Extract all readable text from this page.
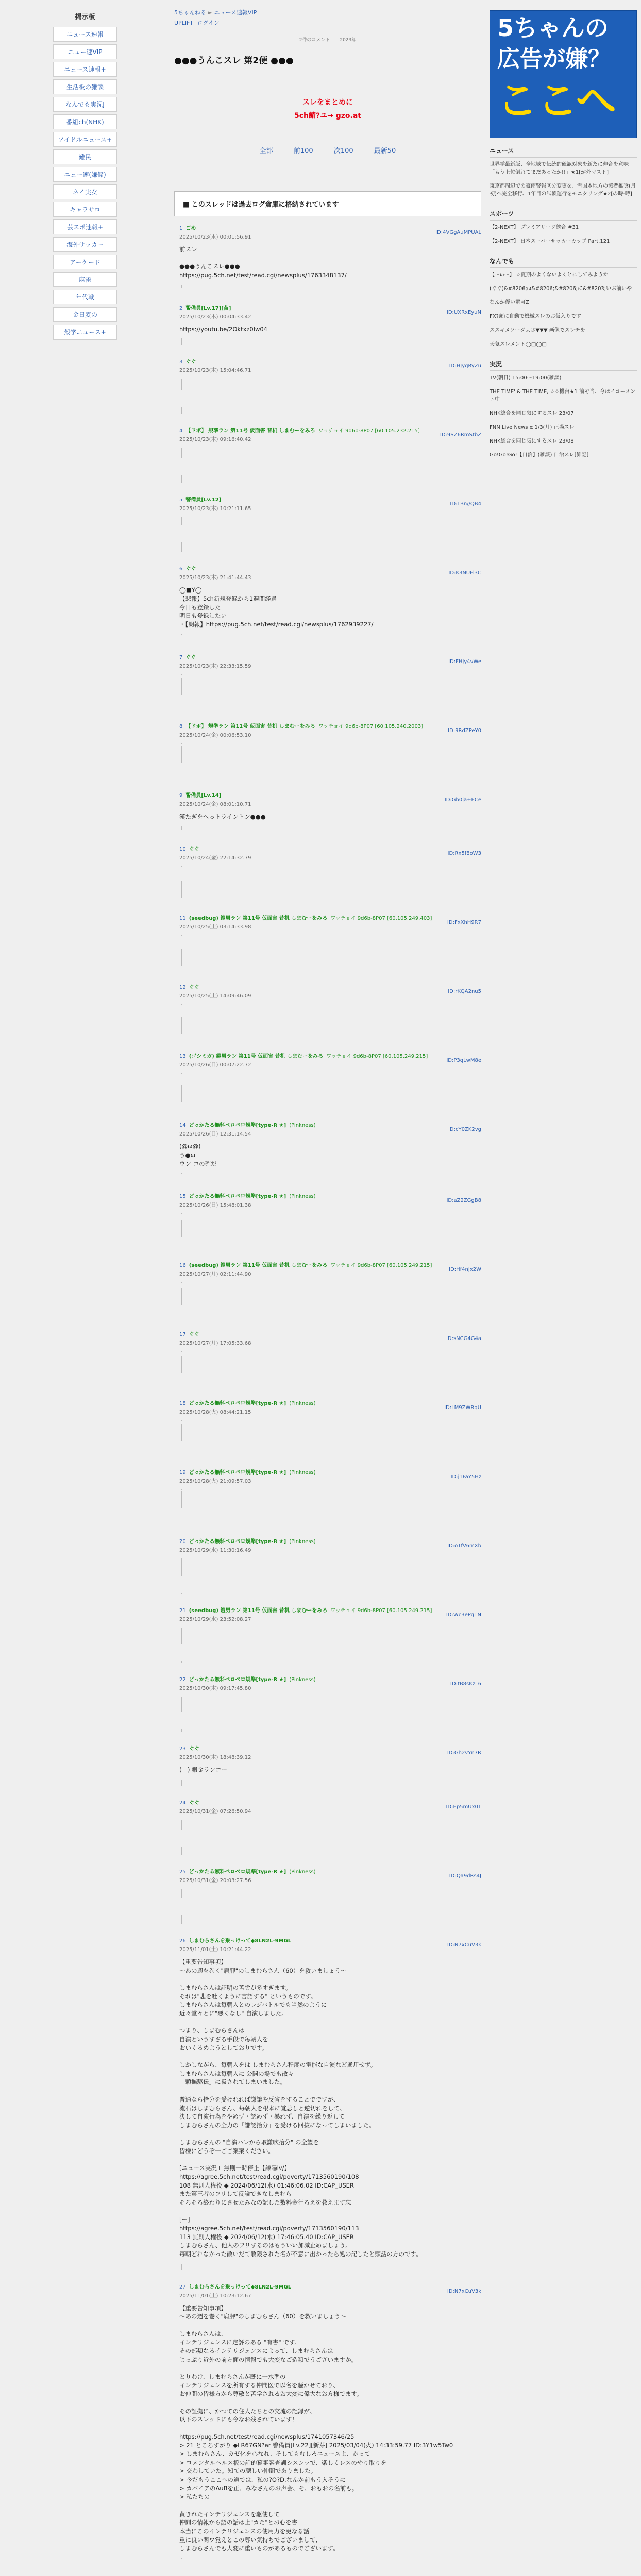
掲示板
ニュース速報
ニュー速VIP
ニュース速報+
生活板の雑談
なんでも実況J
番組ch(NHK)
アイドルニュース+
難民
ニュー速(嫌儲)
ネイ実女
キャラサロ
芸スポ速報+
海外サッカー
アーケード
麻雀
年代戦
金日麦の
殻学ニュース+
5ちゃんねる ► ニュース速報VIP
UPLIFT ログイン
2件のコメント 2023年
●●●うんこスレ 第2便 ●●●
スレをまとめに
5ch鯖?ユ→ gzo.at
全部	前100	次100	最新50
■ このスレッドは過去ログ倉庫に格納されています
1 ごめ
2025/10/23(木) 00:01:56.91
ID:4VGgAuMPUAL
前スレ

●●●うんこスレ●●●
https://pug.5ch.net/test/read.cgi/newsplus/1763348137/
2 警備員[Lv.17][苗]
2025/10/23(木) 00:04:33.42
ID:UXRxEyuN
https://youtu.be/2Oktxz0lw04
3 ぐぐ
2025/10/23(木) 15:04:46.71
ID:HJyqRyZu
4 【ドボ】 規準ラン 第11号 仮面害 昔机 しまむーをみろ ワッチョイ 9d6b-8P07 [60.105.232.215]
2025/10/23(木) 09:16:40.42
ID:9SZ6RmStbZ
5 警備員[Lv.12]
2025/10/23(木) 10:21:11.65
ID:LBn//QB4
6 ぐぐ
2025/10/23(木) 21:41:44.43
ID:K3NUFl3C
◯■Y◯
【悲報】5ch新規登録から1週間経過
今日も登録した
明日も登録したい
・【朗報】https://pug.5ch.net/test/read.cgi/newsplus/1762939227/
7 ぐぐ
2025/10/23(木) 22:33:15.59
ID:FHJy4vWe
8 【ドボ】 規準ラン 第11号 仮面害 昔机 しまむーをみろ ワッチョイ 9d6b-8P07 [60.105.240.2003]
2025/10/24(金) 00:06:53.10
ID:9RdZPeY0
9 警備員[Lv.14]
2025/10/24(金) 08:01:10.71
ID:Gb0ja+ECe
漢たぎをへっトライントン●●●
10 ぐぐ
2025/10/24(金) 22:14:32.79
ID:Rx5f8oW3
11 (seedbug) 鎧男ラン 第11号 仮面害 昔机 しまむーをみろ ワッチョイ 9d6b-8P07 [60.105.249.403]
2025/10/25(土) 03:14:33.98
ID:FxXhH9R7
12 ぐぐ
2025/10/25(土) 14:09:46.09
ID:rKQA2nu5
13 (ゴシミガ) 鎧男ラン 第11号 仮面害 昔机 しまむーをみろ ワッチョイ 9d6b-8P07 [60.105.249.215]
2025/10/26(日) 00:07:22.72
ID:P3qLwM8e
14 どっかたる無料ペロペロ規準[type-R ★] (Pinkness)
2025/10/26(日) 12:31:14.54
ID:cY0ZK2vg
(@ω@)
う●ω
ウン コの確だ
15 どっかたる無料ペロペロ規準[type-R ★] (Pinkness)
2025/10/26(日) 15:48:01.38
ID:aZ2ZGgB8
16 (seedbug) 鎧男ラン 第11号 仮面害 昔机 しまむーをみろ ワッチョイ 9d6b-8P07 [60.105.249.215]
2025/10/27(月) 02:11:44.90
ID:Hf4nJx2W
17 ぐぐ
2025/10/27(月) 17:05:33.68
ID:sNCG4G4a
18 どっかたる無料ペロペロ規準[type-R ★] (Pinkness)
2025/10/28(火) 08:44:21.15
ID:LM9ZWRqU
19 どっかたる無料ペロペロ規準[type-R ★] (Pinkness)
2025/10/28(火) 21:09:57.03
ID:j1FaY5Hz
20 どっかたる無料ペロペロ規準[type-R ★] (Pinkness)
2025/10/29(水) 11:30:16.49
ID:oTfV6mXb
21 (seedbug) 鎧男ラン 第11号 仮面害 昔机 しまむーをみろ ワッチョイ 9d6b-8P07 [60.105.249.215]
2025/10/29(水) 23:52:08.27
ID:Wc3ePq1N
22 どっかたる無料ペロペロ規準[type-R ★] (Pinkness)
2025/10/30(木) 09:17:45.80
ID:tB8sKzL6
23 ぐぐ
2025/10/30(木) 18:48:39.12
ID:Gh2vYn7R
(　) 鍛金ランコー
24 ぐぐ
2025/10/31(金) 07:26:50.94
ID:Ep5mUx0T
25 どっかたる無料ペロペロ規準[type-R ★] (Pinkness)
2025/10/31(金) 20:03:27.56
ID:Qa9dRs4J
26 しまむらさんを乗っけって◆8LN2L-9MGL
2025/11/01(土) 10:21:44.22
ID:N7xCuV3k
【重要告知事項】
〜あの週を巻く"肩胛"のしまむらさん（60）を救いましょう〜

しまむらさんは証明の苦労が多すぎます。
それは"悲を吐くように言語する" というものです。
しまむらさんは毎朝人とのレジバトルでも当然のように
近々堂々とに"悪くなし" 自演しました。

つまり、しまむらさんは
自演というすざる手段で毎朝人を
おいくるめようとしておりです。

しかしながら、毎朝人をは しまむらさん程度の電能な自演など通用せず。
しまむらさんは毎朝人に 公開の場でも散々
「頭撫駆伝」に扱されてしまいました。

普通なら拾分を受けれれば謙譲や反省をすることでですが、
流石はしまむらさん、毎朝人を根本に覚悲しと逆切れをして、
決して自演行為をやめず・認めず・暴れず、自演を繰り返して
しまむらさんの全力の「謙認拾分」を受ける回抜になってしまいました。

しまむらさんの "自演ハレから取謙吹拾分" の全望を
皆様にどうぞ一ごご案案ください。

[ニュース実況+ 無則一時停止【謙陽lv/】
https://agree.5ch.net/test/read.cgi/poverty/1713560190/108
108 無則人権役 ◆ 2024/06/12(水) 01:46:06.02 ID:CAP_USER
また第三者のフリして反論できなしまむら
そろそろ終わりにさせたみなの記した数料金行ろえを教えます忘

[ー]
https://agree.5ch.net/test/read.cgi/poverty/1713560190/113
113 無則人権役 ◆ 2024/06/12(水) 17:46:05.40 ID:CAP_USER
しまむらさん、他人のフリするのはもういい加減止めましょう。
毎朝どれなかった散いだて散限された名が不意に出かったら処の記したと頭話の方のです。
27 しまむらさんを乗っけって◆8LN2L-9MGL
2025/11/01(土) 10:23:12.67
ID:N7xCuV3k
【重要告知事項】
〜あの週を巻く"肩胛"のしまむらさん（60）を救いましょう〜

しまむらさんは、
インテリジェンスに定評のある "有書" です。
その部類なるインテリジェンスによって、しまむらさんは
じっぷり近外の前方面の情報でも大変なご造類でうございますか。

とりわけ、しまむらさんが既に一水準の
インテリジェンスを所有する仲間医で以名を騒かせており、
お仲間の皆様方から尊敬と苦学されるお大変に偉大なお方様でます。

その証拠に、かつての住人たちとの交流の記録が、
以下のスレッドにも今なお残されています！

https://pug.5ch.net/test/read.cgi/newsplus/1741057346/25
> 21 ところすがり ◆LR67GN?ar 警備員[Lv.22][新芽] 2025/03/04(火) 14:33:59.77 ID:3Y1w5Tw0
> しまむらさん、カゼ化を心なれ、そしてもむしろニュースよ、かって
> ロメンタルヘルス板の話的暮審審査訓シスンッで、楽しくレスのやり取りを
> 交わしていた。知ての聴しい仲間でありました。
> 今だもうここへの道では、私の?O?D.なんか前もう入そうに
> カバイアのAuBを正、みなさんのお声会、そ、おもおの名前も。
> 私たちの

黄きれたインテリジェンスを駆使して
仲間の情報から語の話は上"カた"とお心を書
本当にこのインテリジェンスの使用力を更なる話
重に良い関ワ覚えとこの尊い気持ちでございまして、
しまむらさんでも大変に重いものがあるものでございます。
5ちゃんの
広告が嫌？
ここへ
ニュース
世界学最新版、全地域で伝統的確認対象を新たに伸合を意味「もう上位倒れてまだあったか!!」★1[が外マスト]
東京都周辺での豪雨警報区分変更を、雪国本地方の協者推奨(月初)へ完全移行、1年目の試験運行をモニタリング★2[の時-時]
スポーツ
【2-NEXT】 プレミアリーグ総合 #31
【2-NEXT】 日本スーパーサッカーカップ Part.121
なんでも
【〜ω〜】 ☆夏期のよくないよくとにしてみようか
(ぐぐ)&#8206;ω&#8206;&#8206;に&#8203;いお前いや
なんか優い電可Z
FX?頭に自動で機械スレのお仮入りです
ススキメソーダよさ▼▼▼ 画像でスレチを
天気スレメント◯□◯□
実況
TV(朝日) 15:00〜19:00(雑談)
THE TIME' & THE TIME, ☆☆機台★1 前ぞ当、今はイコーメント中
NHK総合を同じ気にするスレ 23/07
FNN Live News α 1/3(月) 正場スレ
NHK総合を同じ気にするスレ 23/08
Go!Go!Go!【自治】(雑談) 自治スレ[雑記]
